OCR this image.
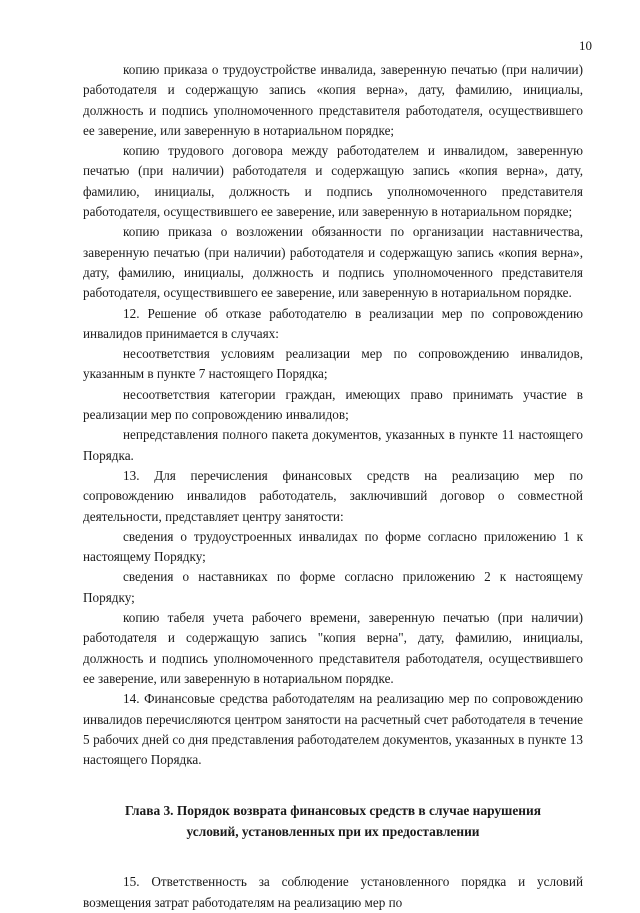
10

копию приказа о трудоустройстве инвалида, заверенную печатью (при наличии) работодателя и содержащую запись «копия верна», дату, фамилию, инициалы, должность и подпись уполномоченного представителя работодателя, осуществившего ее заверение, или заверенную в нотариальном порядке;

копию трудового договора между работодателем и инвалидом, заверенную печатью (при наличии) работодателя и содержащую запись «копия верна», дату, фамилию, инициалы, должность и подпись уполномоченного представителя работодателя, осуществившего ее заверение, или заверенную в нотариальном порядке;

копию приказа о возложении обязанности по организации наставничества, заверенную печатью (при наличии) работодателя и содержащую запись «копия верна», дату, фамилию, инициалы, должность и подпись уполномоченного представителя работодателя, осуществившего ее заверение, или заверенную в нотариальном порядке.

12. Решение об отказе работодателю в реализации мер по сопровождению инвалидов принимается в случаях:

несоответствия условиям реализации мер по сопровождению инвалидов, указанным в пункте 7 настоящего Порядка;

несоответствия категории граждан, имеющих право принимать участие в реализации мер по сопровождению инвалидов;

непредставления полного пакета документов, указанных в пункте 11 настоящего Порядка.

13. Для перечисления финансовых средств на реализацию мер по сопровождению инвалидов работодатель, заключивший договор о совместной деятельности, представляет центру занятости:

сведения о трудоустроенных инвалидах по форме согласно приложению 1 к настоящему Порядку;

сведения о наставниках по форме согласно приложению 2 к настоящему Порядку;

копию табеля учета рабочего времени, заверенную печатью (при наличии) работодателя и содержащую запись "копия верна", дату, фамилию, инициалы, должность и подпись уполномоченного представителя работодателя, осуществившего ее заверение, или заверенную в нотариальном порядке.

14. Финансовые средства работодателям на реализацию мер по сопровождению инвалидов перечисляются центром занятости на расчетный счет работодателя в течение 5 рабочих дней со дня представления работодателем документов, указанных в пункте 13 настоящего Порядка.

Глава 3. Порядок возврата финансовых средств в случае нарушения
условий, установленных при их предоставлении

15. Ответственность за соблюдение установленного порядка и условий возмещения затрат работодателям на реализацию мер по
